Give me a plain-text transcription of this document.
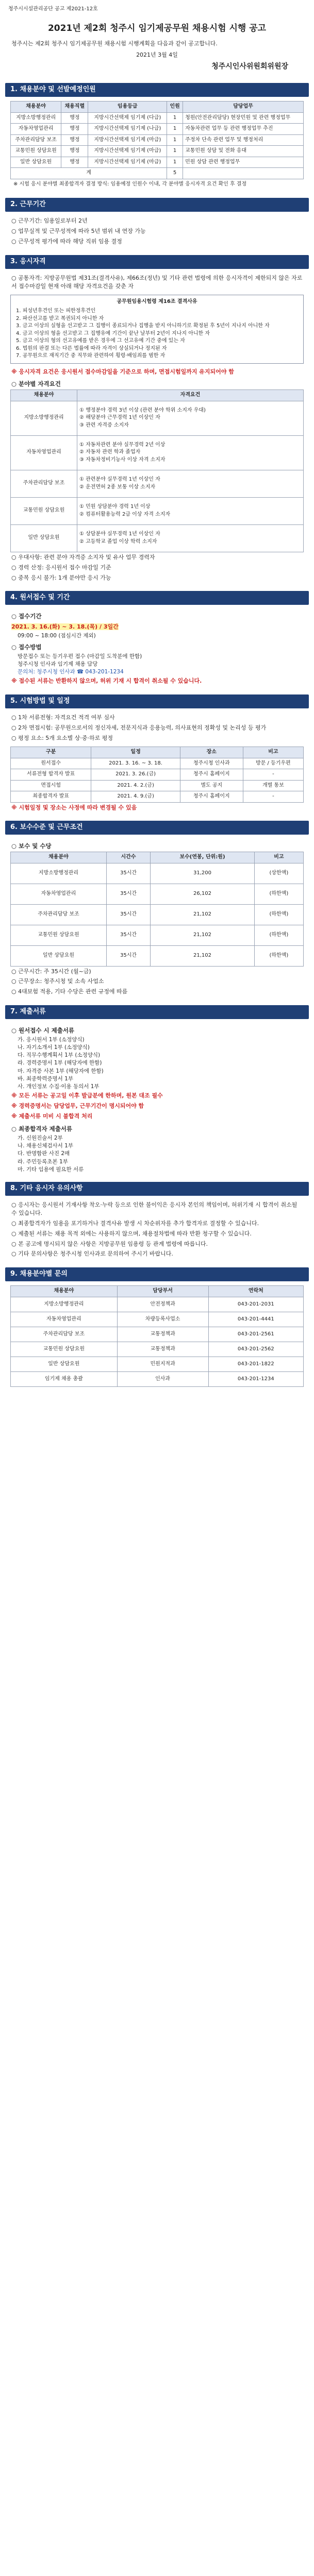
청주시시설관리공단 공고 제2021-12호
2021년 제2회 청주시 임기제공무원 채용시험 시행 공고
청주시는 제2회 청주시 임기제공무원 채용시험 시행계획을 다음과 같이 공고합니다.
2021년 3월 4일
청주시인사위원회위원장
1. 채용분야 및 선발예정인원
채용분야	채용직렬	임용등급	인원	담당업무
지방소방행정관리	행정	지방시간선택제 임기제 (다급)	1	청원(안전관리담당) 현장민원 및 관련 행정업무
자동차영업관리	행정	지방시간선택제 임기제 (나급)	1	자동차관련 업무 등 관련 행정업무 추진
주차관리담당 보조	행정	지방시간선택제 임기제 (마급)	1	주정차 단속 관련 업무 및 행정처리
교통민원 상담요원	행정	지방시간선택제 임기제 (마급)	1	교통민원 상담 및 전화 응대
일반 상담요원	행정	지방시간선택제 임기제 (마급)	1	민원 상담 관련 행정업무
계			5	
※ 시험 응시 분야별 최종합격자 결정 방식: 임용예정 인원수 이내, 각 분야별 응시자격 요건 확인 후 결정
2. 근무기간
○ 근무기간: 임용일로부터 2년
○ 업무실적 및 근무성적에 따라 5년 범위 내 연장 가능
○ 근무성적 평가에 따라 해당 직위 임용 결정
3. 응시자격
○ 공통자격: 지방공무원법 제31조(결격사유), 제66조(정년) 및 기타 관련 법령에 의한 응시자격이 제한되지 않은 자로서 접수마감일 현재 아래 해당 자격요건을 갖춘 자
공무원임용시험령 제16조 결격사유
1. 피성년후견인 또는 피한정후견인
2. 파산선고를 받고 복권되지 아니한 자
3. 금고 이상의 실형을 선고받고 그 집행이 종료되거나 집행을 받지 아니하기로 확정된 후 5년이 지나지 아니한 자
4. 금고 이상의 형을 선고받고 그 집행유예 기간이 끝난 날부터 2년이 지나지 아니한 자
5. 금고 이상의 형의 선고유예를 받은 경우에 그 선고유예 기간 중에 있는 자
6. 법원의 판결 또는 다른 법률에 따라 자격이 상실되거나 정지된 자
7. 공무원으로 재직기간 중 직무와 관련하여 횡령·배임죄를 범한 자
※ 응시자격 요건은 응시원서 접수마감일을 기준으로 하며, 면접시험일까지 유지되어야 함
○ 분야별 자격요건
채용분야	자격요건
지방소방행정관리	① 행정분야 경력 3년 이상 (관련 분야 학위 소지자 우대)
② 해당분야 근무경력 1년 이상인 자
③ 관련 자격증 소지자
자동차영업관리	① 자동차관련 분야 실무경력 2년 이상
② 자동차 관련 학과 졸업자
③ 자동차정비기능사 이상 자격 소지자
주차관리담당 보조	① 관련분야 실무경력 1년 이상인 자
② 운전면허 2종 보통 이상 소지자
교통민원 상담요원	① 민원 상담분야 경력 1년 이상
② 컴퓨터활용능력 2급 이상 자격 소지자
일반 상담요원	① 상담분야 실무경력 1년 이상인 자
② 고등학교 졸업 이상 학력 소지자
○ 우대사항: 관련 분야 자격증 소지자 및 유사 업무 경력자
○ 경력 산정: 응시원서 접수 마감일 기준
○ 중복 응시 불가: 1개 분야만 응시 가능
4. 원서접수 및 기간
○ 접수기간
2021. 3. 16.(화) ~ 3. 18.(목) / 3일간
09:00 ~ 18:00 (점심시간 제외)
○ 접수방법
방문접수 또는 등기우편 접수 (마감일 도착분에 한함)
청주시청 인사과 임기제 채용 담당
문의처: 청주시청 인사과 ☎ 043-201-1234
※ 접수된 서류는 반환하지 않으며, 허위 기재 시 합격이 취소될 수 있습니다.
5. 시험방법 및 일정
○ 1차 서류전형: 자격요건 적격 여부 심사
○ 2차 면접시험: 공무원으로서의 정신자세, 전문지식과 응용능력, 의사표현의 정확성 및 논리성 등 평가
○ 평정 요소: 5개 요소별 상·중·하로 평정
구분	일정	장소	비고
원서접수	2021. 3. 16. ~ 3. 18.	청주시청 인사과	방문 / 등기우편
서류전형 합격자 발표	2021. 3. 26.(금)	청주시 홈페이지	-
면접시험	2021. 4. 2.(금)	별도 공지	개별 통보
최종합격자 발표	2021. 4. 9.(금)	청주시 홈페이지	-
※ 시험일정 및 장소는 사정에 따라 변경될 수 있음
6. 보수수준 및 근무조건
○ 보수 및 수당
채용분야	시간수	보수(연봉, 단위:원)	비고
지방소방행정관리	35시간	31,200	(상한액)
자동차영업관리	35시간	26,102	(하한액)
주차관리담당 보조	35시간	21,102	(하한액)
교통민원 상담요원	35시간	21,102	(하한액)
일반 상담요원	35시간	21,102	(하한액)
○ 근무시간: 주 35시간 (월~금)
○ 근무장소: 청주시청 및 소속 사업소
○ 4대보험 적용, 기타 수당은 관련 규정에 따름
7. 제출서류
○ 원서접수 시 제출서류
가. 응시원서 1부 (소정양식)
나. 자기소개서 1부 (소정양식)
다. 직무수행계획서 1부 (소정양식)
라. 경력증명서 1부 (해당자에 한함)
마. 자격증 사본 1부 (해당자에 한함)
바. 최종학력증명서 1부
사. 개인정보 수집·이용 동의서 1부
※ 모든 서류는 공고일 이후 발급분에 한하며, 원본 대조 필수
※ 경력증명서는 담당업무, 근무기간이 명시되어야 함
※ 제출서류 미비 시 불합격 처리
○ 최종합격자 제출서류
가. 신원진술서 2부
나. 채용신체검사서 1부
다. 반명함판 사진 2매
라. 주민등록초본 1부
마. 기타 임용에 필요한 서류
8. 기타 응시자 유의사항
○ 응시자는 응시원서 기재사항 착오·누락 등으로 인한 불이익은 응시자 본인의 책임이며, 허위기재 시 합격이 취소될 수 있습니다.
○ 최종합격자가 임용을 포기하거나 결격사유 발생 시 차순위자를 추가 합격자로 결정할 수 있습니다.
○ 제출된 서류는 채용 목적 외에는 사용하지 않으며, 채용절차법에 따라 반환 청구할 수 있습니다.
○ 본 공고에 명시되지 않은 사항은 지방공무원 임용령 등 관계 법령에 따릅니다.
○ 기타 문의사항은 청주시청 인사과로 문의하여 주시기 바랍니다.
9. 채용분야별 문의
채용분야	담당부서	연락처
지방소방행정관리	안전정책과	043-201-2031
자동차영업관리	차량등록사업소	043-201-4441
주차관리담당 보조	교통정책과	043-201-2561
교통민원 상담요원	교통정책과	043-201-2562
일반 상담요원	민원지적과	043-201-1822
임기제 채용 총괄	인사과	043-201-1234
